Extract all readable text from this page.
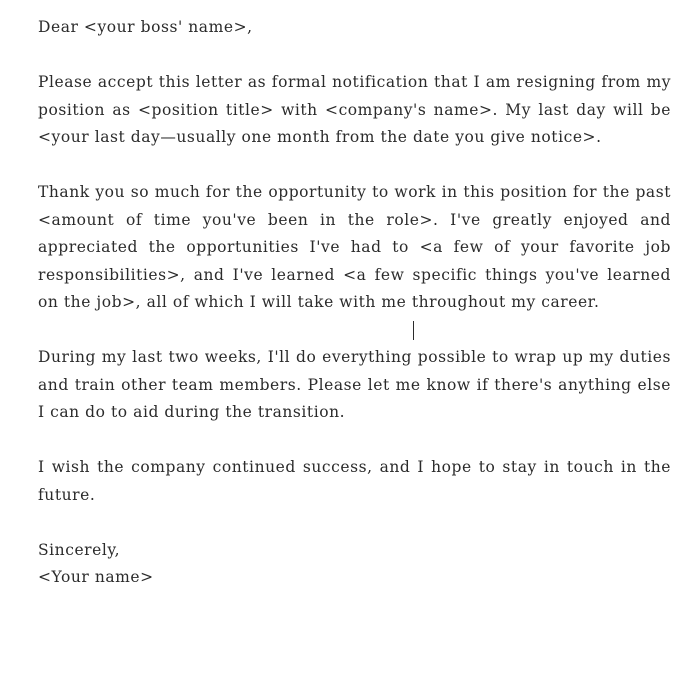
Dear <your boss' name>,

Please accept this letter as formal notification that I am resigning from my position as <position title> with <company's name>. My last day will be <your last day—usually one month from the date you give notice>.

Thank you so much for the opportunity to work in this position for the past <amount of time you've been in the role>. I've greatly enjoyed and appreciated the opportunities I've had to <a few of your favorite job responsibilities>, and I've learned <a few specific things you've learned on the job>, all of which I will take with me throughout my career.

During my last two weeks, I'll do everything possible to wrap up my duties and train other team members. Please let me know if there's anything else I can do to aid during the transition.

I wish the company continued success, and I hope to stay in touch in the future.

Sincerely,

<Your name>
